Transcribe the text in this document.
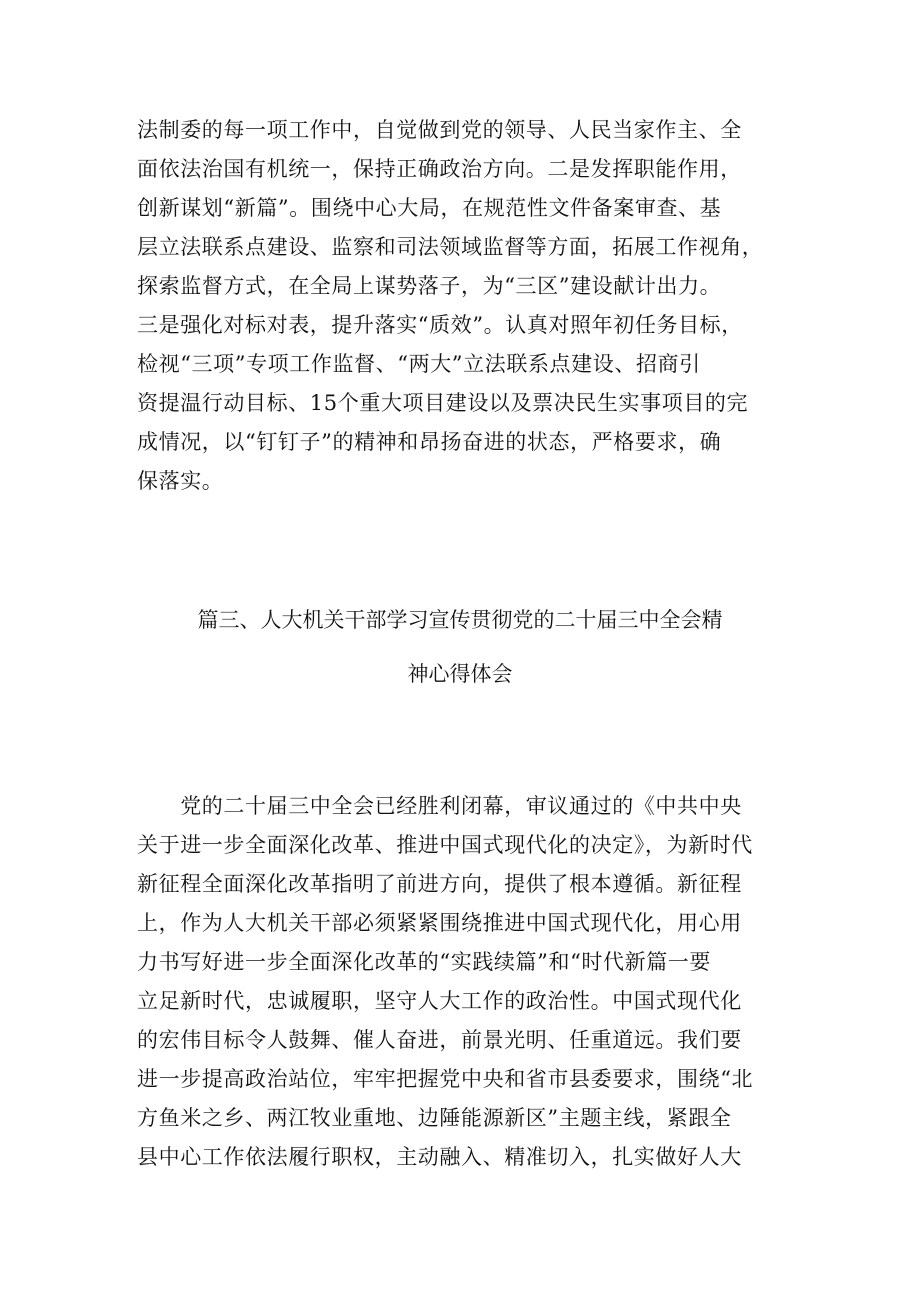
法制委的每一项工作中，自觉做到党的领导、人民当家作主、全
面依法治国有机统一，保持正确政治方向。二是发挥职能作用，
创新谋划“新篇”。围绕中心大局，在规范性文件备案审查、基
层立法联系点建设、监察和司法领域监督等方面，拓展工作视角，
探索监督方式，在全局上谋势落子，为“三区”建设献计出力。
三是强化对标对表，提升落实“质效”。认真对照年初任务目标，
检视“三项”专项工作监督、“两大”立法联系点建设、招商引
资提温行动目标、15个重大项目建设以及票决民生实事项目的完
成情况，以“钉钉子”的精神和昂扬奋进的状态，严格要求，确
保落实。
篇三、人大机关干部学习宣传贯彻党的二十届三中全会精
神心得体会
　　党的二十届三中全会已经胜利闭幕，审议通过的《中共中央
关于进一步全面深化改革、推进中国式现代化的决定》，为新时代
新征程全面深化改革指明了前进方向，提供了根本遵循。新征程
上，作为人大机关干部必须紧紧围绕推进中国式现代化，用心用
力书写好进一步全面深化改革的“实践续篇”和“时代新篇一要
立足新时代，忠诚履职，坚守人大工作的政治性。中国式现代化
的宏伟目标令人鼓舞、催人奋进，前景光明、任重道远。我们要
进一步提高政治站位，牢牢把握党中央和省市县委要求，围绕“北
方鱼米之乡、两江牧业重地、边陲能源新区”主题主线，紧跟全
县中心工作依法履行职权，主动融入、精准切入，扎实做好人大
